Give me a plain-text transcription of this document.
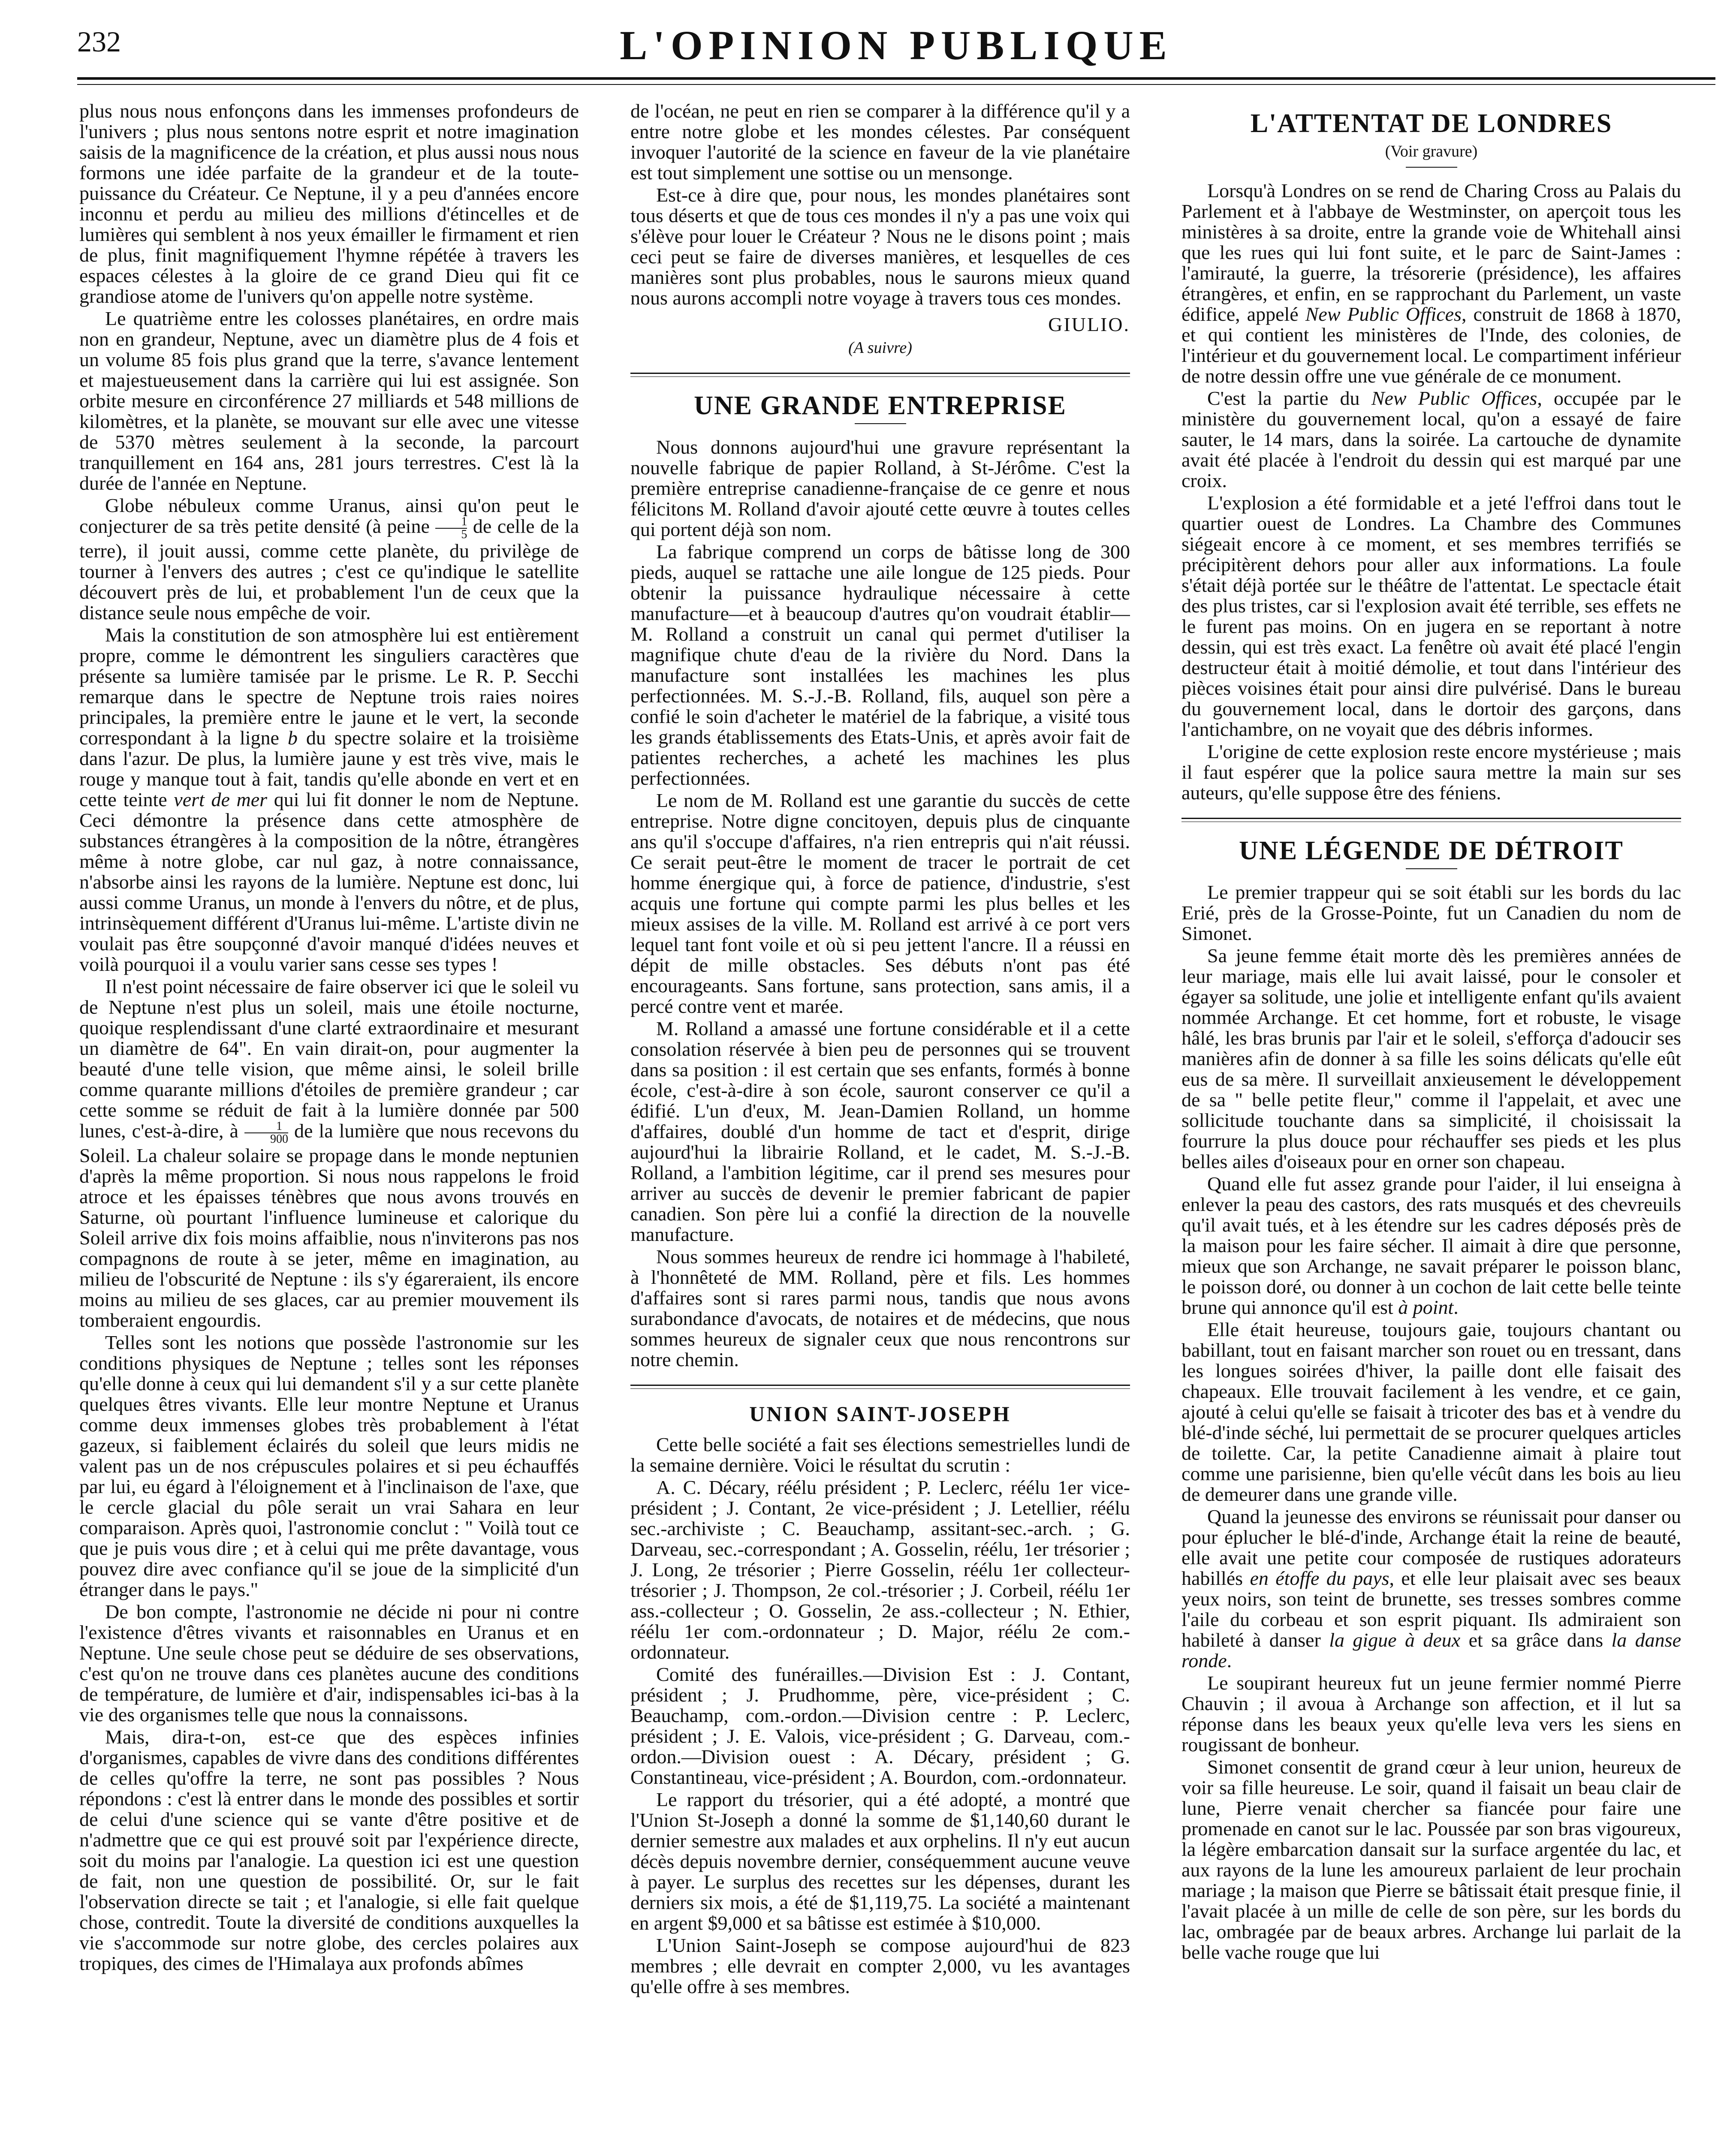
232	L'OPINION PUBLIQUE

plus nous nous enfonçons dans les immenses profondeurs de l'univers ; plus nous sentons notre esprit et notre imagination saisis de la magnificence de la création, et plus aussi nous nous formons une idée parfaite de la grandeur et de la toute-puissance du Créateur. Ce Neptune, il y a peu d'années encore inconnu et perdu au milieu des millions d'étincelles et de lumières qui semblent à nos yeux émailler le firmament et rien de plus, finit magnifiquement l'hymne répétée à travers les espaces célestes à la gloire de ce grand Dieu qui fit ce grandiose atome de l'univers qu'on appelle notre système.

Le quatrième entre les colosses planétaires, en ordre mais non en grandeur, Neptune, avec un diamètre plus de 4 fois et un volume 85 fois plus grand que la terre, s'avance lentement et majestueusement dans la carrière qui lui est assignée. Son orbite mesure en circonférence 27 milliards et 548 millions de kilomètres, et la planète, se mouvant sur elle avec une vitesse de 5370 mètres seulement à la seconde, la parcourt tranquillement en 164 ans, 281 jours terrestres. C'est là la durée de l'année en Neptune.

Globe nébuleux comme Uranus, ainsi qu'on peut le conjecturer de sa très petite densité (à peine $\frac{1}{5}$ de celle de la terre), il jouit aussi, comme cette planète, du privilège de tourner à l'envers des autres ; c'est ce qu'indique le satellite découvert près de lui, et probablement l'un de ceux que la distance seule nous empêche de voir.

Mais la constitution de son atmosphère lui est entièrement propre, comme le démontrent les singuliers caractères que présente sa lumière tamisée par le prisme. Le R. P. Secchi remarque dans le spectre de Neptune trois raies noires principales, la première entre le jaune et le vert, la seconde correspondant à la ligne b du spectre solaire et la troisième dans l'azur. De plus, la lumière jaune y est très vive, mais le rouge y manque tout à fait, tandis qu'elle abonde en vert et en cette teinte vert de mer qui lui fit donner le nom de Neptune. Ceci démontre la présence dans cette atmosphère de substances étrangères à la composition de la nôtre, étrangères même à notre globe, car nul gaz, à notre connaissance, n'absorbe ainsi les rayons de la lumière. Neptune est donc, lui aussi comme Uranus, un monde à l'envers du nôtre, et de plus, intrinsèquement différent d'Uranus lui-même. L'artiste divin ne voulait pas être soupçonné d'avoir manqué d'idées neuves et voilà pourquoi il a voulu varier sans cesse ses types !

Il n'est point nécessaire de faire observer ici que le soleil vu de Neptune n'est plus un soleil, mais une étoile nocturne, quoique resplendissant d'une clarté extraordinaire et mesurant un diamètre de 64". En vain dirait-on, pour augmenter la beauté d'une telle vision, que même ainsi, le soleil brille comme quarante millions d'étoiles de première grandeur ; car cette somme se réduit de fait à la lumière donnée par 500 lunes, c'est-à-dire, à $\frac{1}{900}$ de la lumière que nous recevons du Soleil. La chaleur solaire se propage dans le monde neptunien d'après la même proportion. Si nous nous rappelons le froid atroce et les épaisses ténèbres que nous avons trouvés en Saturne, où pourtant l'influence lumineuse et calorique du Soleil arrive dix fois moins affaiblie, nous n'inviterons pas nos compagnons de route à se jeter, même en imagination, au milieu de l'obscurité de Neptune : ils s'y égareraient, ils encore moins au milieu de ses glaces, car au premier mouvement ils tomberaient engourdis.

Telles sont les notions que possède l'astronomie sur les conditions physiques de Neptune ; telles sont les réponses qu'elle donne à ceux qui lui demandent s'il y a sur cette planète quelques êtres vivants. Elle leur montre Neptune et Uranus comme deux immenses globes très probablement à l'état gazeux, si faiblement éclairés du soleil que leurs midis ne valent pas un de nos crépuscules polaires et si peu échauffés par lui, eu égard à l'éloignement et à l'inclinaison de l'axe, que le cercle glacial du pôle serait un vrai Sahara en leur comparaison. Après quoi, l'astronomie conclut : " Voilà tout ce que je puis vous dire ; et à celui qui me prête davantage, vous pouvez dire avec confiance qu'il se joue de la simplicité d'un étranger dans le pays."

De bon compte, l'astronomie ne décide ni pour ni contre l'existence d'êtres vivants et raisonnables en Uranus et en Neptune. Une seule chose peut se déduire de ses observations, c'est qu'on ne trouve dans ces planètes aucune des conditions de température, de lumière et d'air, indispensables ici-bas à la vie des organismes telle que nous la connaissons.

Mais, dira-t-on, est-ce que des espèces infinies d'organismes, capables de vivre dans des conditions différentes de celles qu'offre la terre, ne sont pas possibles ? Nous répondons : c'est là entrer dans le monde des possibles et sortir de celui d'une science qui se vante d'être positive et de n'admettre que ce qui est prouvé soit par l'expérience directe, soit du moins par l'analogie. La question ici est une question de fait, non une question de possibilité. Or, sur le fait l'observation directe se tait ; et l'analogie, si elle fait quelque chose, contredit. Toute la diversité de conditions auxquelles la vie s'accommode sur notre globe, des cercles polaires aux tropiques, des cimes de l'Himalaya aux profonds abîmes

de l'océan, ne peut en rien se comparer à la différence qu'il y a entre notre globe et les mondes célestes. Par conséquent invoquer l'autorité de la science en faveur de la vie planétaire est tout simplement une sottise ou un mensonge.

Est-ce à dire que, pour nous, les mondes planétaires sont tous déserts et que de tous ces mondes il n'y a pas une voix qui s'élève pour louer le Créateur ? Nous ne le disons point ; mais ceci peut se faire de diverses manières, et lesquelles de ces manières sont plus probables, nous le saurons mieux quand nous aurons accompli notre voyage à travers tous ces mondes.

GIULIO.
(A suivre)
UNE GRANDE ENTREPRISE

Nous donnons aujourd'hui une gravure représentant la nouvelle fabrique de papier Rolland, à St-Jérôme. C'est la première entreprise canadienne-française de ce genre et nous félicitons M. Rolland d'avoir ajouté cette œuvre à toutes celles qui portent déjà son nom.

La fabrique comprend un corps de bâtisse long de 300 pieds, auquel se rattache une aile longue de 125 pieds. Pour obtenir la puissance hydraulique nécessaire à cette manufacture—et à beaucoup d'autres qu'on voudrait établir—M. Rolland a construit un canal qui permet d'utiliser la magnifique chute d'eau de la rivière du Nord. Dans la manufacture sont installées les machines les plus perfectionnées. M. S.-J.-B. Rolland, fils, auquel son père a confié le soin d'acheter le matériel de la fabrique, a visité tous les grands établissements des Etats-Unis, et après avoir fait de patientes recherches, a acheté les machines les plus perfectionnées.

Le nom de M. Rolland est une garantie du succès de cette entreprise. Notre digne concitoyen, depuis plus de cinquante ans qu'il s'occupe d'affaires, n'a rien entrepris qui n'ait réussi. Ce serait peut-être le moment de tracer le portrait de cet homme énergique qui, à force de patience, d'industrie, s'est acquis une fortune qui compte parmi les plus belles et les mieux assises de la ville. M. Rolland est arrivé à ce port vers lequel tant font voile et où si peu jettent l'ancre. Il a réussi en dépit de mille obstacles. Ses débuts n'ont pas été encourageants. Sans fortune, sans protection, sans amis, il a percé contre vent et marée.

M. Rolland a amassé une fortune considérable et il a cette consolation réservée à bien peu de personnes qui se trouvent dans sa position : il est certain que ses enfants, formés à bonne école, c'est-à-dire à son école, sauront conserver ce qu'il a édifié. L'un d'eux, M. Jean-Damien Rolland, un homme d'affaires, doublé d'un homme de tact et d'esprit, dirige aujourd'hui la librairie Rolland, et le cadet, M. S.-J.-B. Rolland, a l'ambition légitime, car il prend ses mesures pour arriver au succès de devenir le premier fabricant de papier canadien. Son père lui a confié la direction de la nouvelle manufacture.

Nous sommes heureux de rendre ici hommage à l'habileté, à l'honnêteté de MM. Rolland, père et fils. Les hommes d'affaires sont si rares parmi nous, tandis que nous avons surabondance d'avocats, de notaires et de médecins, que nous sommes heureux de signaler ceux que nous rencontrons sur notre chemin.

UNION SAINT-JOSEPH

Cette belle société a fait ses élections semestrielles lundi de la semaine dernière. Voici le résultat du scrutin :

A. C. Décary, réélu président ; P. Leclerc, réélu 1er vice-président ; J. Contant, 2e vice-président ; J. Letellier, réélu sec.-archiviste ; C. Beauchamp, assitant-sec.-arch. ; G. Darveau, sec.-correspondant ; A. Gosselin, réélu, 1er trésorier ; J. Long, 2e trésorier ; Pierre Gosselin, réélu 1er collecteur-trésorier ; J. Thompson, 2e col.-trésorier ; J. Corbeil, réélu 1er ass.-collecteur ; O. Gosselin, 2e ass.-collecteur ; N. Ethier, réélu 1er com.-ordonnateur ; D. Major, réélu 2e com.-ordonnateur.

Comité des funérailles.—Division Est : J. Contant, président ; J. Prudhomme, père, vice-président ; C. Beauchamp, com.-ordon.—Division centre : P. Leclerc, président ; J. E. Valois, vice-président ; G. Darveau, com.-ordon.—Division ouest : A. Décary, président ; G. Constantineau, vice-président ; A. Bourdon, com.-ordonnateur.

Le rapport du trésorier, qui a été adopté, a montré que l'Union St-Joseph a donné la somme de $1,140,60 durant le dernier semestre aux malades et aux orphelins. Il n'y eut aucun décès depuis novembre dernier, conséquemment aucune veuve à payer. Le surplus des recettes sur les dépenses, durant les derniers six mois, a été de $1,119,75. La société a maintenant en argent $9,000 et sa bâtisse est estimée à $10,000.

L'Union Saint-Joseph se compose aujourd'hui de 823 membres ; elle devrait en compter 2,000, vu les avantages qu'elle offre à ses membres.

L'ATTENTAT DE LONDRES
(Voir gravure)

Lorsqu'à Londres on se rend de Charing Cross au Palais du Parlement et à l'abbaye de Westminster, on aperçoit tous les ministères à sa droite, entre la grande voie de Whitehall ainsi que les rues qui lui font suite, et le parc de Saint-James : l'amirauté, la guerre, la trésorerie (présidence), les affaires étrangères, et enfin, en se rapprochant du Parlement, un vaste édifice, appelé New Public Offices, construit de 1868 à 1870, et qui contient les ministères de l'Inde, des colonies, de l'intérieur et du gouvernement local. Le compartiment inférieur de notre dessin offre une vue générale de ce monument.

C'est la partie du New Public Offices, occupée par le ministère du gouvernement local, qu'on a essayé de faire sauter, le 14 mars, dans la soirée. La cartouche de dynamite avait été placée à l'endroit du dessin qui est marqué par une croix.

L'explosion a été formidable et a jeté l'effroi dans tout le quartier ouest de Londres. La Chambre des Communes siégeait encore à ce moment, et ses membres terrifiés se précipitèrent dehors pour aller aux informations. La foule s'était déjà portée sur le théâtre de l'attentat. Le spectacle était des plus tristes, car si l'explosion avait été terrible, ses effets ne le furent pas moins. On en jugera en se reportant à notre dessin, qui est très exact. La fenêtre où avait été placé l'engin destructeur était à moitié démolie, et tout dans l'intérieur des pièces voisines était pour ainsi dire pulvérisé. Dans le bureau du gouvernement local, dans le dortoir des garçons, dans l'antichambre, on ne voyait que des débris informes.

L'origine de cette explosion reste encore mystérieuse ; mais il faut espérer que la police saura mettre la main sur ses auteurs, qu'elle suppose être des féniens.

UNE LÉGENDE DE DÉTROIT

Le premier trappeur qui se soit établi sur les bords du lac Erié, près de la Grosse-Pointe, fut un Canadien du nom de Simonet.

Sa jeune femme était morte dès les premières années de leur mariage, mais elle lui avait laissé, pour le consoler et égayer sa solitude, une jolie et intelligente enfant qu'ils avaient nommée Archange. Et cet homme, fort et robuste, le visage hâlé, les bras brunis par l'air et le soleil, s'efforça d'adoucir ses manières afin de donner à sa fille les soins délicats qu'elle eût eus de sa mère. Il surveillait anxieusement le développement de sa " belle petite fleur," comme il l'appelait, et avec une sollicitude touchante dans sa simplicité, il choisissait la fourrure la plus douce pour réchauffer ses pieds et les plus belles ailes d'oiseaux pour en orner son chapeau.

Quand elle fut assez grande pour l'aider, il lui enseigna à enlever la peau des castors, des rats musqués et des chevreuils qu'il avait tués, et à les étendre sur les cadres déposés près de la maison pour les faire sécher. Il aimait à dire que personne, mieux que son Archange, ne savait préparer le poisson blanc, le poisson doré, ou donner à un cochon de lait cette belle teinte brune qui annonce qu'il est à point.

Elle était heureuse, toujours gaie, toujours chantant ou babillant, tout en faisant marcher son rouet ou en tressant, dans les longues soirées d'hiver, la paille dont elle faisait des chapeaux. Elle trouvait facilement à les vendre, et ce gain, ajouté à celui qu'elle se faisait à tricoter des bas et à vendre du blé-d'inde séché, lui permettait de se procurer quelques articles de toilette. Car, la petite Canadienne aimait à plaire tout comme une parisienne, bien qu'elle vécût dans les bois au lieu de demeurer dans une grande ville.

Quand la jeunesse des environs se réunissait pour danser ou pour éplucher le blé-d'inde, Archange était la reine de beauté, elle avait une petite cour composée de rustiques adorateurs habillés en étoffe du pays, et elle leur plaisait avec ses beaux yeux noirs, son teint de brunette, ses tresses sombres comme l'aile du corbeau et son esprit piquant. Ils admiraient son habileté à danser la gigue à deux et sa grâce dans la danse ronde.

Le soupirant heureux fut un jeune fermier nommé Pierre Chauvin ; il avoua à Archange son affection, et il lut sa réponse dans les beaux yeux qu'elle leva vers les siens en rougissant de bonheur.

Simonet consentit de grand cœur à leur union, heureux de voir sa fille heureuse. Le soir, quand il faisait un beau clair de lune, Pierre venait chercher sa fiancée pour faire une promenade en canot sur le lac. Poussée par son bras vigoureux, la légère embarcation dansait sur la surface argentée du lac, et aux rayons de la lune les amoureux parlaient de leur prochain mariage ; la maison que Pierre se bâtissait était presque finie, il l'avait placée à un mille de celle de son père, sur les bords du lac, ombragée par de beaux arbres. Archange lui parlait de la belle vache rouge que lui
